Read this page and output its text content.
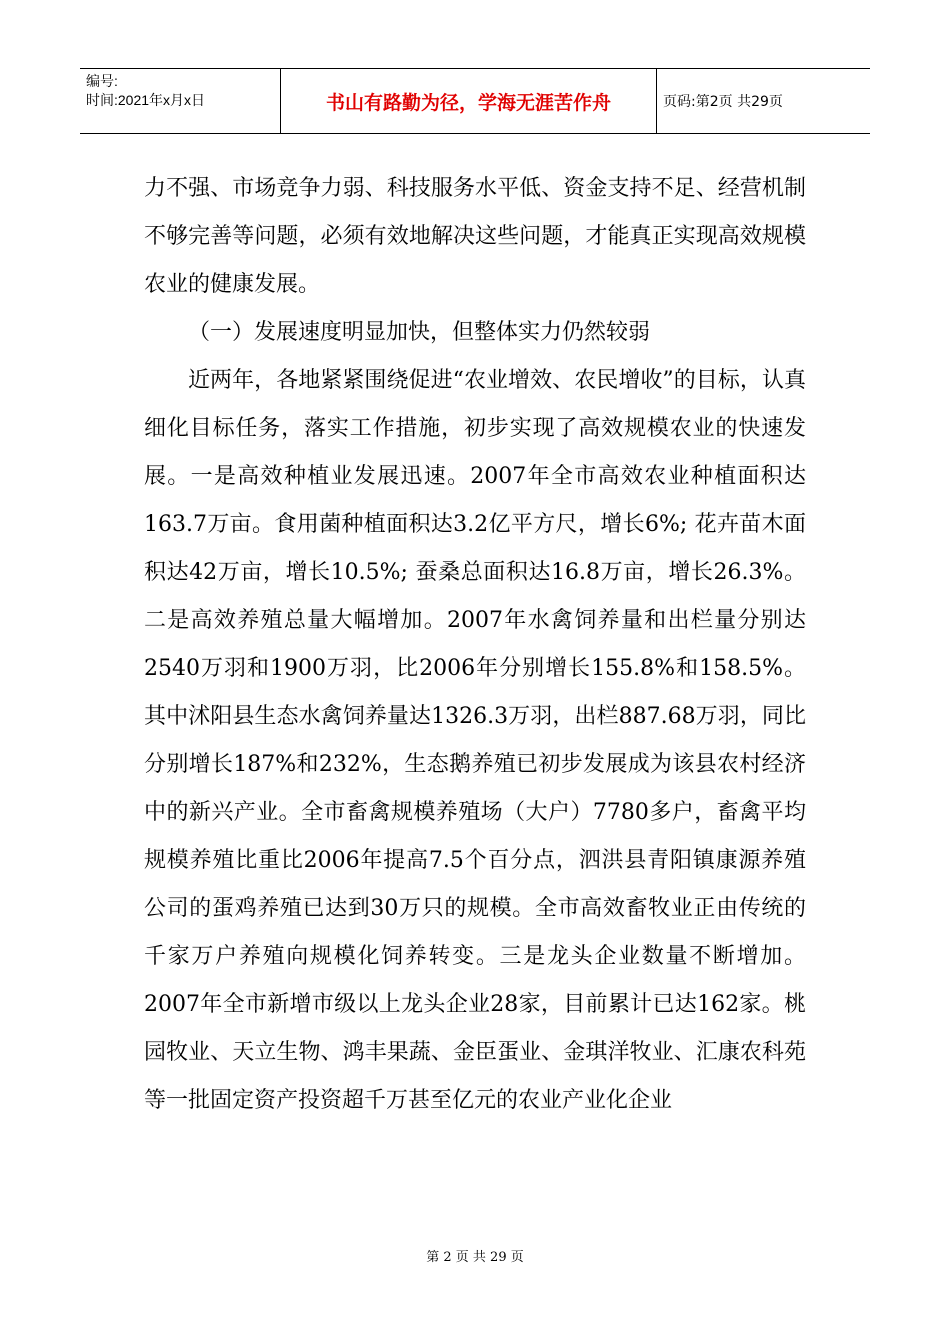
编号:
时间:2021年x月x日	书山有路勤为径，学海无涯苦作舟	页码:第2页 共29页

力不强、市场竞争力弱、科技服务水平低、资金支持不足、经营机制不够完善等问题，必须有效地解决这些问题，才能真正实现高效规模农业的健康发展。

（一）发展速度明显加快，但整体实力仍然较弱

近两年，各地紧紧围绕促进“农业增效、农民增收”的目标，认真细化目标任务，落实工作措施，初步实现了高效规模农业的快速发展。一是高效种植业发展迅速。2007年全市高效农业种植面积达163.7万亩。食用菌种植面积达3.2亿平方尺，增长6%; 花卉苗木面积达42万亩，增长10.5%; 蚕桑总面积达16.8万亩，增长26.3%。二是高效养殖总量大幅增加。2007年水禽饲养量和出栏量分别达2540万羽和1900万羽，比2006年分别增长155.8%和158.5%。其中沭阳县生态水禽饲养量达1326.3万羽，出栏887.68万羽，同比分别增长187%和232%，生态鹅养殖已初步发展成为该县农村经济中的新兴产业。全市畜禽规模养殖场（大户）7780多户，畜禽平均规模养殖比重比2006年提高7.5个百分点，泗洪县青阳镇康源养殖公司的蛋鸡养殖已达到30万只的规模。全市高效畜牧业正由传统的千家万户养殖向规模化饲养转变。三是龙头企业数量不断增加。2007年全市新增市级以上龙头企业28家，目前累计已达162家。桃园牧业、天立生物、鸿丰果蔬、金臣蛋业、金琪洋牧业、汇康农科苑等一批固定资产投资超千万甚至亿元的农业产业化企业

第 2 页 共 29 页
